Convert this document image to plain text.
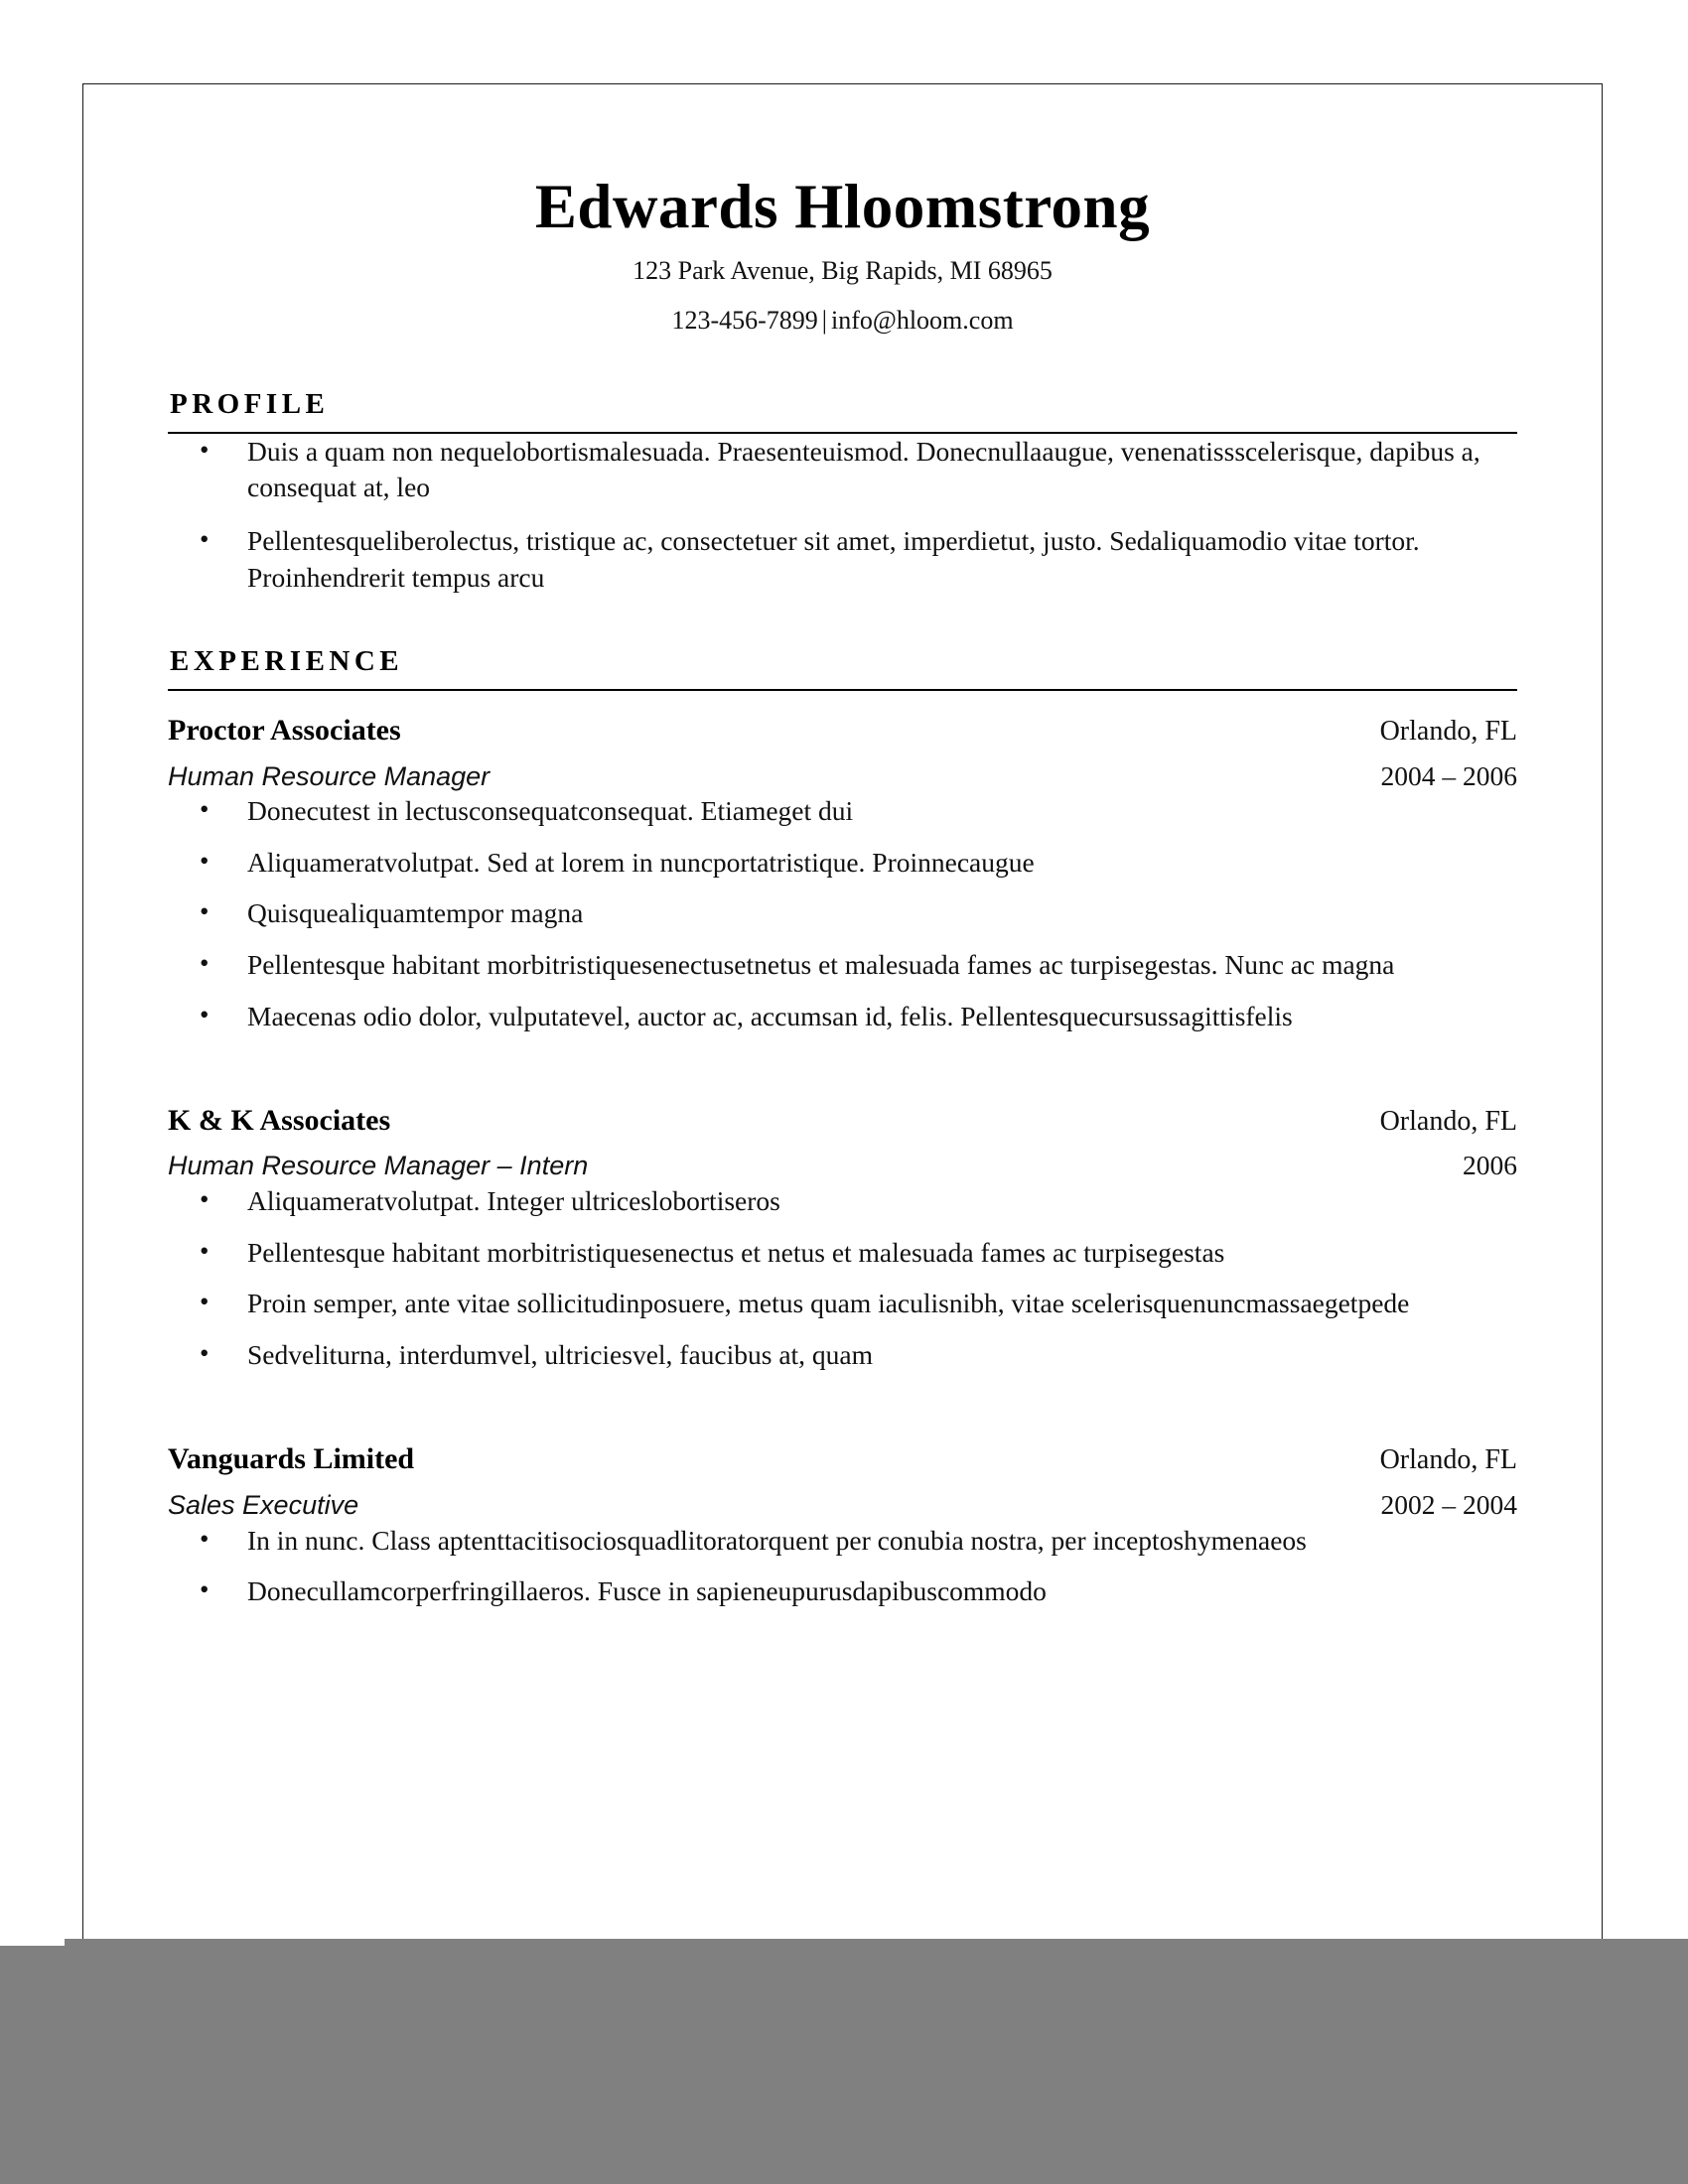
Edwards Hloomstrong

123 Park Avenue, Big Rapids, MI 68965

123-456-7899 | info@hloom.com

PROFILE
• Duis a quam non nequelobortismalesuada. Praesenteuismod. Donecnullaaugue, venenatissscelerisque, dapibus a, consequat at, leo
• Pellentesqueliberolectus, tristique ac, consectetuer sit amet, imperdietut, justo. Sedaliquamodio vitae tortor. Proinhendrerit tempus arcu
EXPERIENCE
Proctor Associates	Orlando, FL
Human Resource Manager	2004 – 2006
• Donecutest in lectusconsequatconsequat. Etiameget dui
• Aliquameratvolutpat. Sed at lorem in nuncportatristique. Proinnecaugue
• Quisquealiquamtempor magna
• Pellentesque habitant morbitristiquesenectusetnetus et malesuada fames ac turpisegestas. Nunc ac magna
• Maecenas odio dolor, vulputatevel, auctor ac, accumsan id, felis. Pellentesquecursussagittisfelis
K & K Associates	Orlando, FL
Human Resource Manager – Intern	2006
• Aliquameratvolutpat. Integer ultriceslobortiseros
• Pellentesque habitant morbitristiquesenectus et netus et malesuada fames ac turpisegestas
• Proin semper, ante vitae sollicitudinposuere, metus quam iaculisnibh, vitae scelerisquenuncmassaegetpede
• Sedveliturna, interdumvel, ultriciesvel, faucibus at, quam
Vanguards Limited	Orlando, FL
Sales Executive	2002 – 2004
• In in nunc. Class aptenttacitisociosquadlitoratorquent per conubia nostra, per inceptoshymenaeos
• Donecullamcorperfringillaeros. Fusce in sapieneupurusdapibuscommodo
